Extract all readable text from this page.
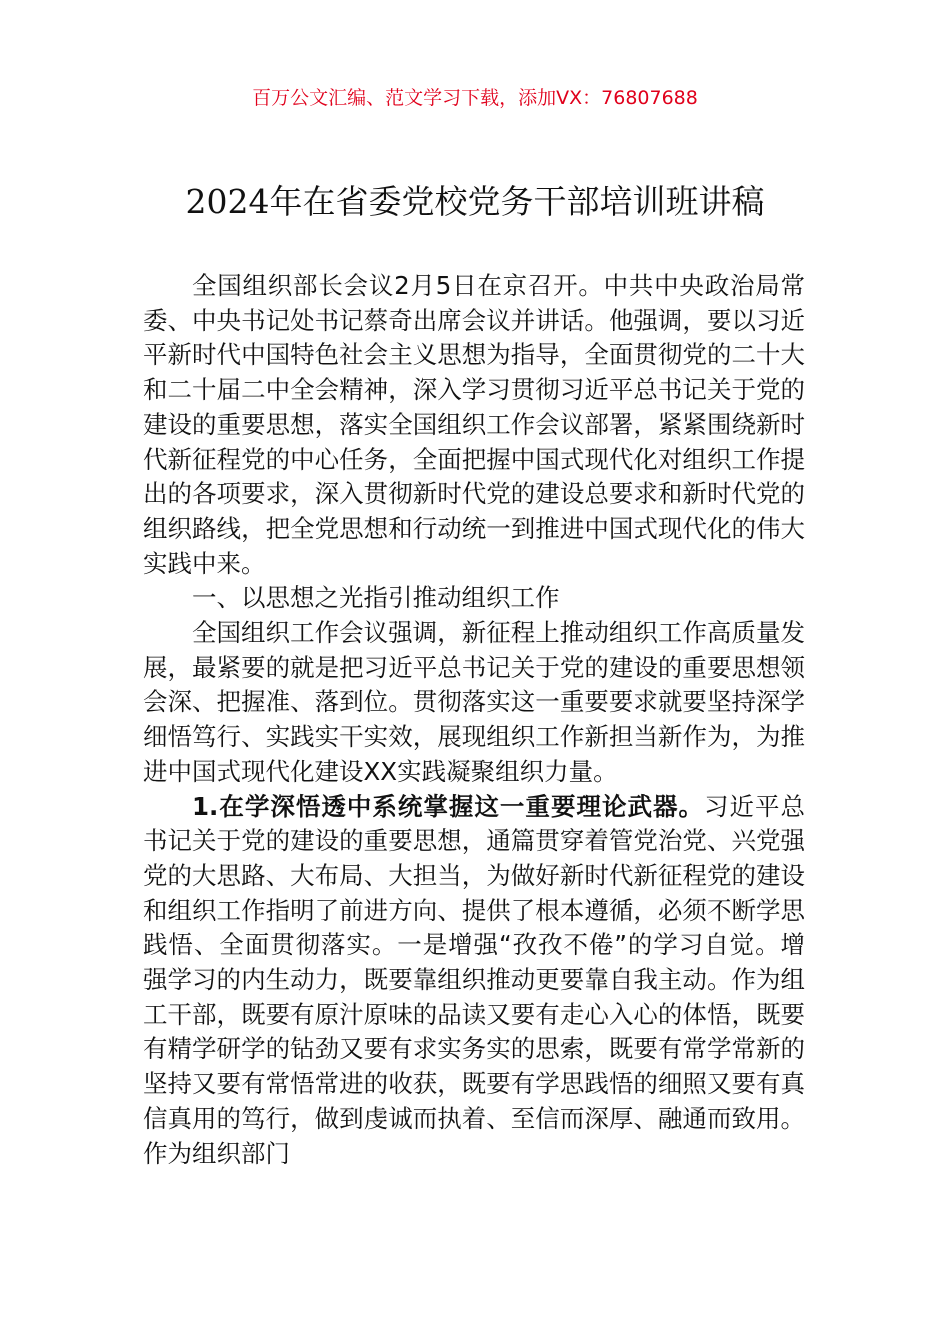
百万公文汇编、范文学习下载，添加VX：76807688
2024年在省委党校党务干部培训班讲稿

全国组织部长会议2月5日在京召开。中共中央政治局常委、中央书记处书记蔡奇出席会议并讲话。他强调，要以习近平新时代中国特色社会主义思想为指导，全面贯彻党的二十大和二十届二中全会精神，深入学习贯彻习近平总书记关于党的建设的重要思想，落实全国组织工作会议部署，紧紧围绕新时代新征程党的中心任务，全面把握中国式现代化对组织工作提出的各项要求，深入贯彻新时代党的建设总要求和新时代党的组织路线，把全党思想和行动统一到推进中国式现代化的伟大实践中来。

一、以思想之光指引推动组织工作

全国组织工作会议强调，新征程上推动组织工作高质量发展，最紧要的就是把习近平总书记关于党的建设的重要思想领会深、把握准、落到位。贯彻落实这一重要要求就要坚持深学细悟笃行、实践实干实效，展现组织工作新担当新作为，为推进中国式现代化建设XX实践凝聚组织力量。

1.在学深悟透中系统掌握这一重要理论武器。习近平总书记关于党的建设的重要思想，通篇贯穿着管党治党、兴党强党的大思路、大布局、大担当，为做好新时代新征程党的建设和组织工作指明了前进方向、提供了根本遵循，必须不断学思践悟、全面贯彻落实。一是增强“孜孜不倦”的学习自觉。增强学习的内生动力，既要靠组织推动更要靠自我主动。作为组工干部，既要有原汁原味的品读又要有走心入心的体悟，既要有精学研学的钻劲又要有求实务实的思索，既要有常学常新的坚持又要有常悟常进的收获，既要有学思践悟的细照又要有真信真用的笃行，做到虔诚而执着、至信而深厚、融通而致用。作为组织部门
